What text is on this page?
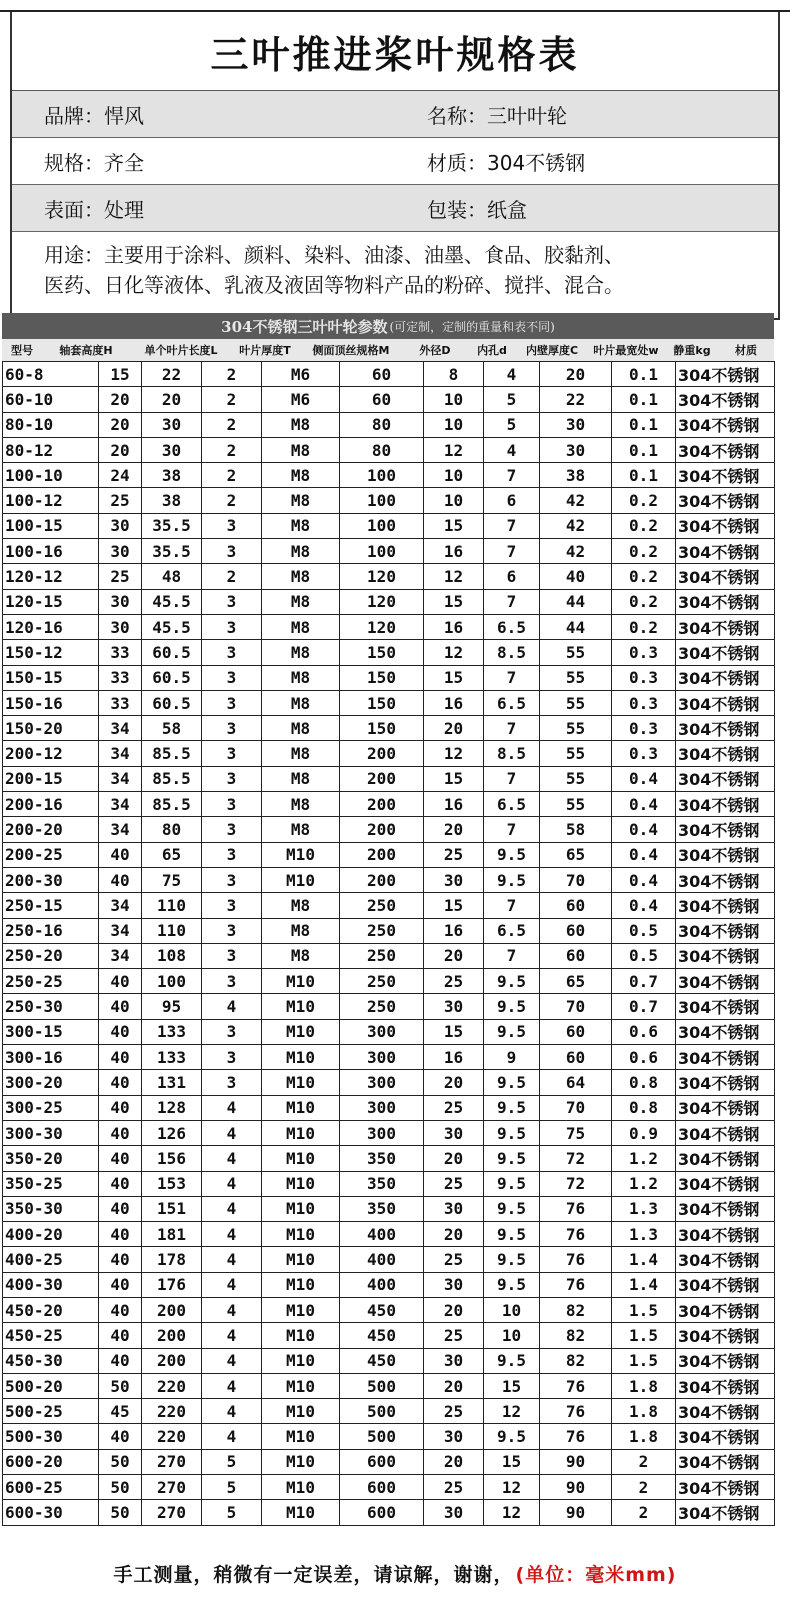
三叶推进桨叶规格表
品牌：悍风	名称：三叶叶轮
规格：齐全	材质：304不锈钢
表面：处理	包装：纸盒
用途：主要用于涂料、颜料、染料、油漆、油墨、食品、胶黏剂、
医药、日化等液体、乳液及液固等物料产品的粉碎、搅拌、混合。
304不锈钢三叶叶轮参数 (可定制，定制的重量和表不同)
型号	轴套高度H	单个叶片长度L	叶片厚度T	侧面顶丝规格M	外径D	内孔d	内壁厚度C	叶片最宽处w	静重kg	材质
60-8	15	22	2	M6	60	8	4	20	0.1	304不锈钢
60-10	20	20	2	M6	60	10	5	22	0.1	304不锈钢
80-10	20	30	2	M8	80	10	5	30	0.1	304不锈钢
80-12	20	30	2	M8	80	12	4	30	0.1	304不锈钢
100-10	24	38	2	M8	100	10	7	38	0.1	304不锈钢
100-12	25	38	2	M8	100	10	6	42	0.2	304不锈钢
100-15	30	35.5	3	M8	100	15	7	42	0.2	304不锈钢
100-16	30	35.5	3	M8	100	16	7	42	0.2	304不锈钢
120-12	25	48	2	M8	120	12	6	40	0.2	304不锈钢
120-15	30	45.5	3	M8	120	15	7	44	0.2	304不锈钢
120-16	30	45.5	3	M8	120	16	6.5	44	0.2	304不锈钢
150-12	33	60.5	3	M8	150	12	8.5	55	0.3	304不锈钢
150-15	33	60.5	3	M8	150	15	7	55	0.3	304不锈钢
150-16	33	60.5	3	M8	150	16	6.5	55	0.3	304不锈钢
150-20	34	58	3	M8	150	20	7	55	0.3	304不锈钢
200-12	34	85.5	3	M8	200	12	8.5	55	0.3	304不锈钢
200-15	34	85.5	3	M8	200	15	7	55	0.4	304不锈钢
200-16	34	85.5	3	M8	200	16	6.5	55	0.4	304不锈钢
200-20	34	80	3	M8	200	20	7	58	0.4	304不锈钢
200-25	40	65	3	M10	200	25	9.5	65	0.4	304不锈钢
200-30	40	75	3	M10	200	30	9.5	70	0.4	304不锈钢
250-15	34	110	3	M8	250	15	7	60	0.4	304不锈钢
250-16	34	110	3	M8	250	16	6.5	60	0.5	304不锈钢
250-20	34	108	3	M8	250	20	7	60	0.5	304不锈钢
250-25	40	100	3	M10	250	25	9.5	65	0.7	304不锈钢
250-30	40	95	4	M10	250	30	9.5	70	0.7	304不锈钢
300-15	40	133	3	M10	300	15	9.5	60	0.6	304不锈钢
300-16	40	133	3	M10	300	16	9	60	0.6	304不锈钢
300-20	40	131	3	M10	300	20	9.5	64	0.8	304不锈钢
300-25	40	128	4	M10	300	25	9.5	70	0.8	304不锈钢
300-30	40	126	4	M10	300	30	9.5	75	0.9	304不锈钢
350-20	40	156	4	M10	350	20	9.5	72	1.2	304不锈钢
350-25	40	153	4	M10	350	25	9.5	72	1.2	304不锈钢
350-30	40	151	4	M10	350	30	9.5	76	1.3	304不锈钢
400-20	40	181	4	M10	400	20	9.5	76	1.3	304不锈钢
400-25	40	178	4	M10	400	25	9.5	76	1.4	304不锈钢
400-30	40	176	4	M10	400	30	9.5	76	1.4	304不锈钢
450-20	40	200	4	M10	450	20	10	82	1.5	304不锈钢
450-25	40	200	4	M10	450	25	10	82	1.5	304不锈钢
450-30	40	200	4	M10	450	30	9.5	82	1.5	304不锈钢
500-20	50	220	4	M10	500	20	15	76	1.8	304不锈钢
500-25	45	220	4	M10	500	25	12	76	1.8	304不锈钢
500-30	40	220	4	M10	500	30	9.5	76	1.8	304不锈钢
600-20	50	270	5	M10	600	20	15	90	2	304不锈钢
600-25	50	270	5	M10	600	25	12	90	2	304不锈钢
600-30	50	270	5	M10	600	30	12	90	2	304不锈钢
手工测量，稍微有一定误差，请谅解，谢谢， (单位：毫米mm)
